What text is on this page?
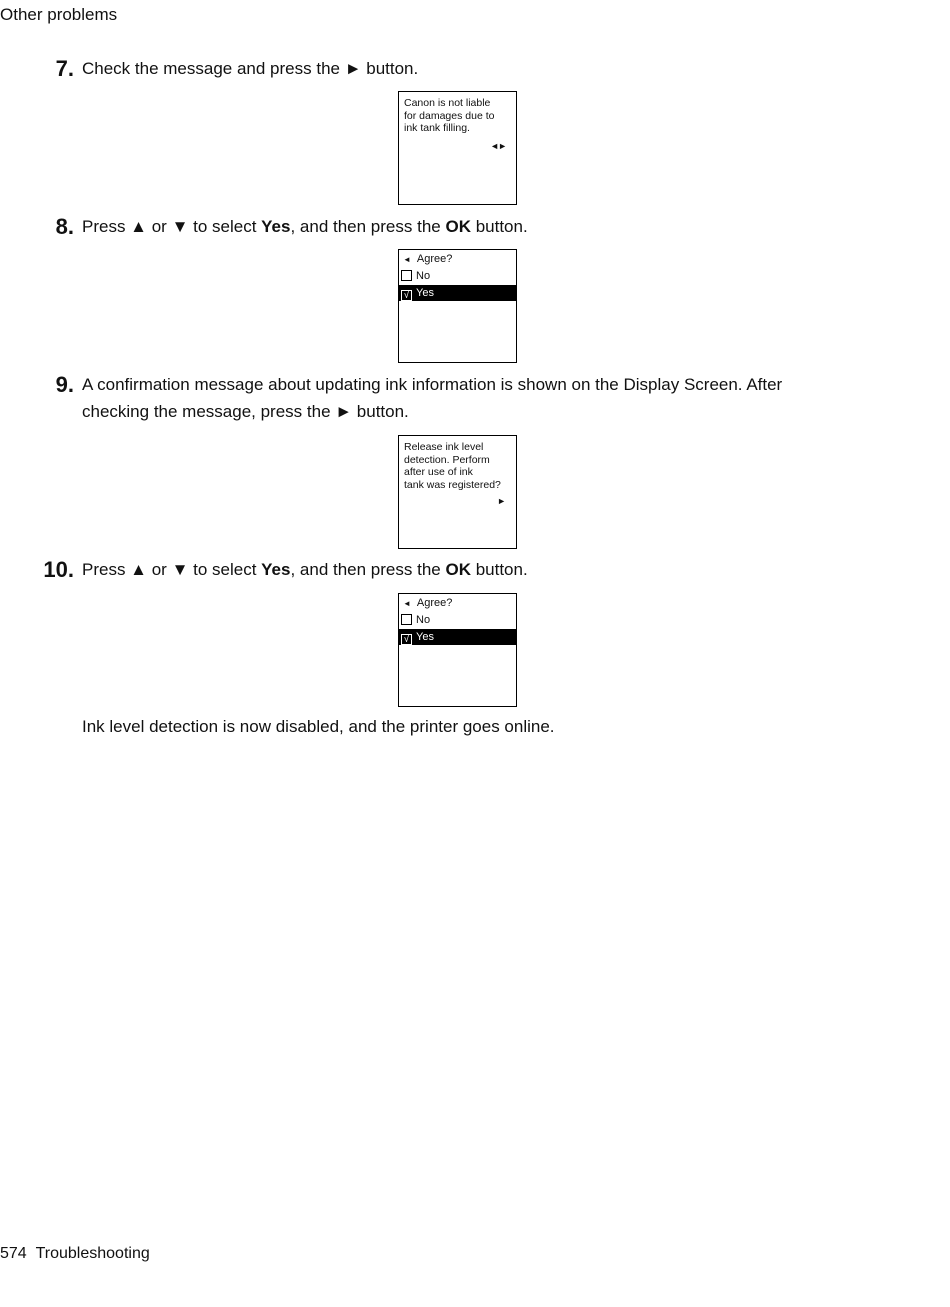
Other problems
7. Check the message and press the ► button.
Canon is not liable
for damages due to
ink tank filling.
◄►
8. Press ▲ or ▼ to select Yes, and then press the OK button.
◄ Agree?
No
√ Yes
9. A confirmation message about updating ink information is shown on the Display Screen. After
checking the message, press the ► button.
Release ink level
detection. Perform
after use of ink
tank was registered?
►
10. Press ▲ or ▼ to select Yes, and then press the OK button.
◄ Agree?
No
√ Yes
Ink level detection is now disabled, and the printer goes online.
574 Troubleshooting
